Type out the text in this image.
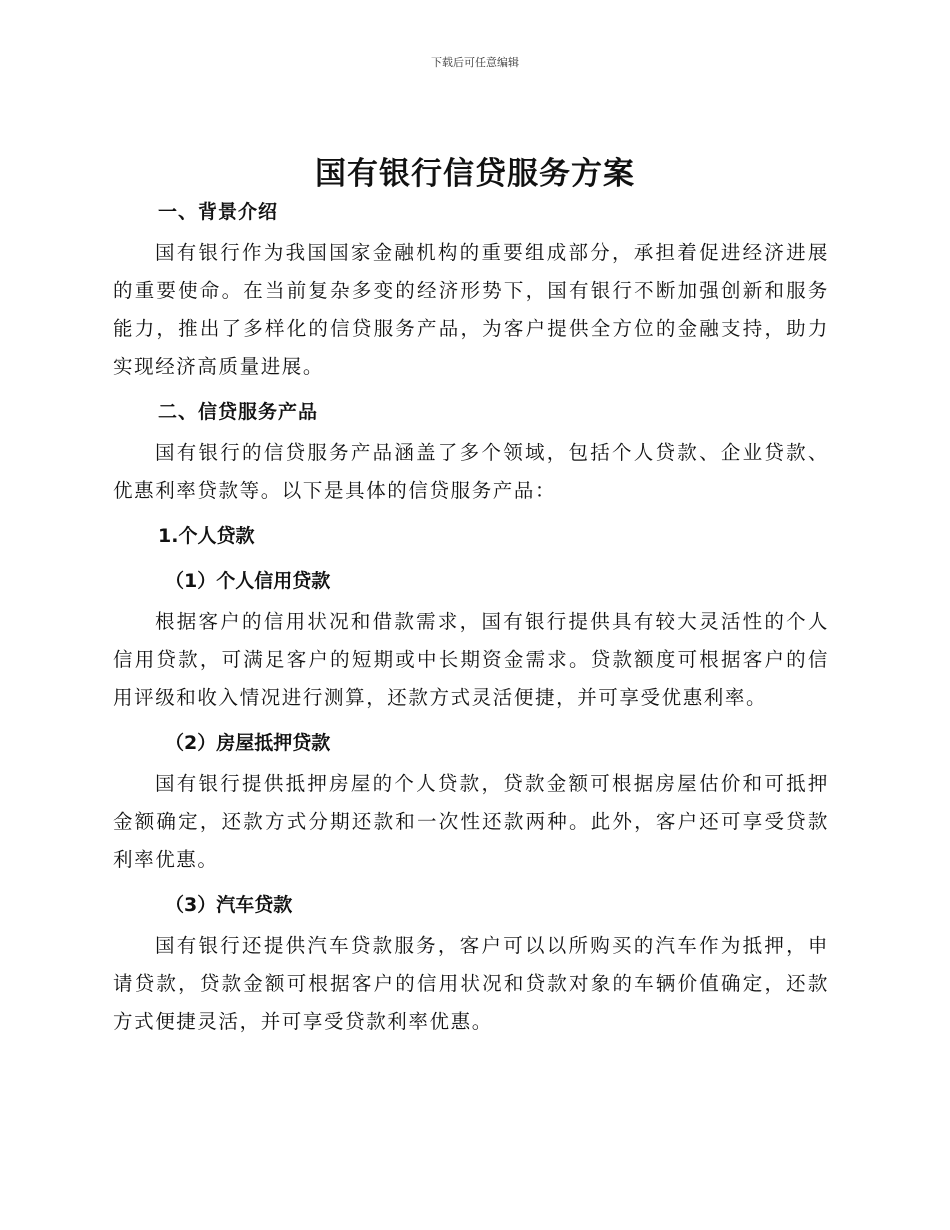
下载后可任意编辑
国有银行信贷服务方案
一、背景介绍

国有银行作为我国国家金融机构的重要组成部分，承担着促进经济进展的重要使命。在当前复杂多变的经济形势下，国有银行不断加强创新和服务能力，推出了多样化的信贷服务产品，为客户提供全方位的金融支持，助力实现经济高质量进展。

二、信贷服务产品

国有银行的信贷服务产品涵盖了多个领域，包括个人贷款、企业贷款、优惠利率贷款等。以下是具体的信贷服务产品：

1.个人贷款
（1）个人信用贷款

根据客户的信用状况和借款需求，国有银行提供具有较大灵活性的个人信用贷款，可满足客户的短期或中长期资金需求。贷款额度可根据客户的信用评级和收入情况进行测算，还款方式灵活便捷，并可享受优惠利率。

（2）房屋抵押贷款

国有银行提供抵押房屋的个人贷款，贷款金额可根据房屋估价和可抵押金额确定，还款方式分期还款和一次性还款两种。此外，客户还可享受贷款利率优惠。

（3）汽车贷款

国有银行还提供汽车贷款服务，客户可以以所购买的汽车作为抵押，申请贷款，贷款金额可根据客户的信用状况和贷款对象的车辆价值确定，还款方式便捷灵活，并可享受贷款利率优惠。
